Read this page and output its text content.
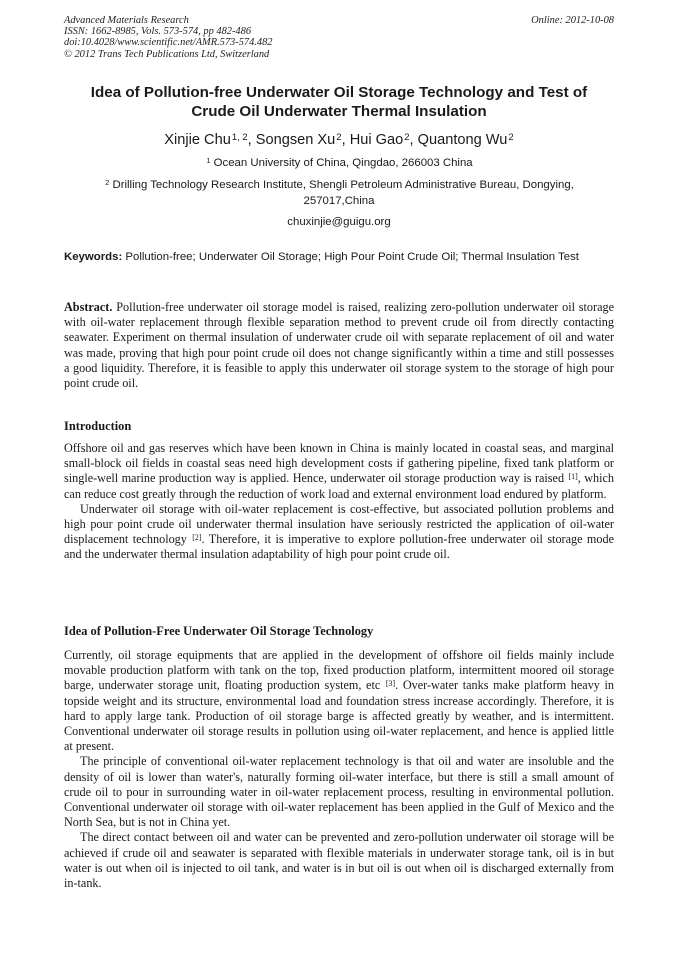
Advanced Materials Research
ISSN: 1662-8985, Vols. 573-574, pp 482-486
doi:10.4028/www.scientific.net/AMR.573-574.482
© 2012 Trans Tech Publications Ltd, Switzerland
Online: 2012-10-08
Idea of Pollution-free Underwater Oil Storage Technology and Test of
Crude Oil Underwater Thermal Insulation
Xinjie Chu$^{1, 2}$, Songsen Xu$^2$, Hui Gao$^2$, Quantong Wu$^2$
$^1$ Ocean University of China, Qingdao, 266003 China
$^2$ Drilling Technology Research Institute, Shengli Petroleum Administrative Bureau, Dongying,
257017,China
chuxinjie@guigu.org
Keywords: Pollution-free; Underwater Oil Storage; High Pour Point Crude Oil; Thermal Insulation Test

Abstract. Pollution-free underwater oil storage model is raised, realizing zero-pollution underwater oil storage with oil-water replacement through flexible separation method to prevent crude oil from directly contacting seawater. Experiment on thermal insulation of underwater crude oil with separate replacement of oil and water was made, proving that high pour point crude oil does not change significantly within a time and still possesses a good liquidity. Therefore, it is feasible to apply this underwater oil storage system to the storage of high pour point crude oil.

Introduction

Offshore oil and gas reserves which have been known in China is mainly located in coastal seas, and marginal small-block oil fields in coastal seas need high development costs if gathering pipeline, fixed tank platform or single-well marine production way is applied. Hence, underwater oil storage production way is raised [1], which can reduce cost greatly through the reduction of work load and external environment load endured by platform.

Underwater oil storage with oil-water replacement is cost-effective, but associated pollution problems and high pour point crude oil underwater thermal insulation have seriously restricted the application of oil-water displacement technology [2]. Therefore, it is imperative to explore pollution-free underwater oil storage mode and the underwater thermal insulation adaptability of high pour point crude oil.

Idea of Pollution-Free Underwater Oil Storage Technology

Currently, oil storage equipments that are applied in the development of offshore oil fields mainly include movable production platform with tank on the top, fixed production platform, intermittent moored oil storage barge, underwater storage unit, floating production system, etc [3]. Over-water tanks make platform heavy in topside weight and its structure, environmental load and foundation stress increase accordingly. Therefore, it is hard to apply large tank. Production of oil storage barge is affected greatly by weather, and is intermittent. Conventional underwater oil storage results in pollution using oil-water replacement, and hence is applied little at present.

The principle of conventional oil-water replacement technology is that oil and water are insoluble and the density of oil is lower than water's, naturally forming oil-water interface, but there is still a small amount of crude oil to pour in surrounding water in oil-water replacement process, resulting in environmental pollution. Conventional underwater oil storage with oil-water replacement has been applied in the Gulf of Mexico and the North Sea, but is not in China yet.

The direct contact between oil and water can be prevented and zero-pollution underwater oil storage will be achieved if crude oil and seawater is separated with flexible materials in underwater storage tank, oil is in but water is out when oil is injected to oil tank, and water is in but oil is out when oil is discharged externally from in-tank.
